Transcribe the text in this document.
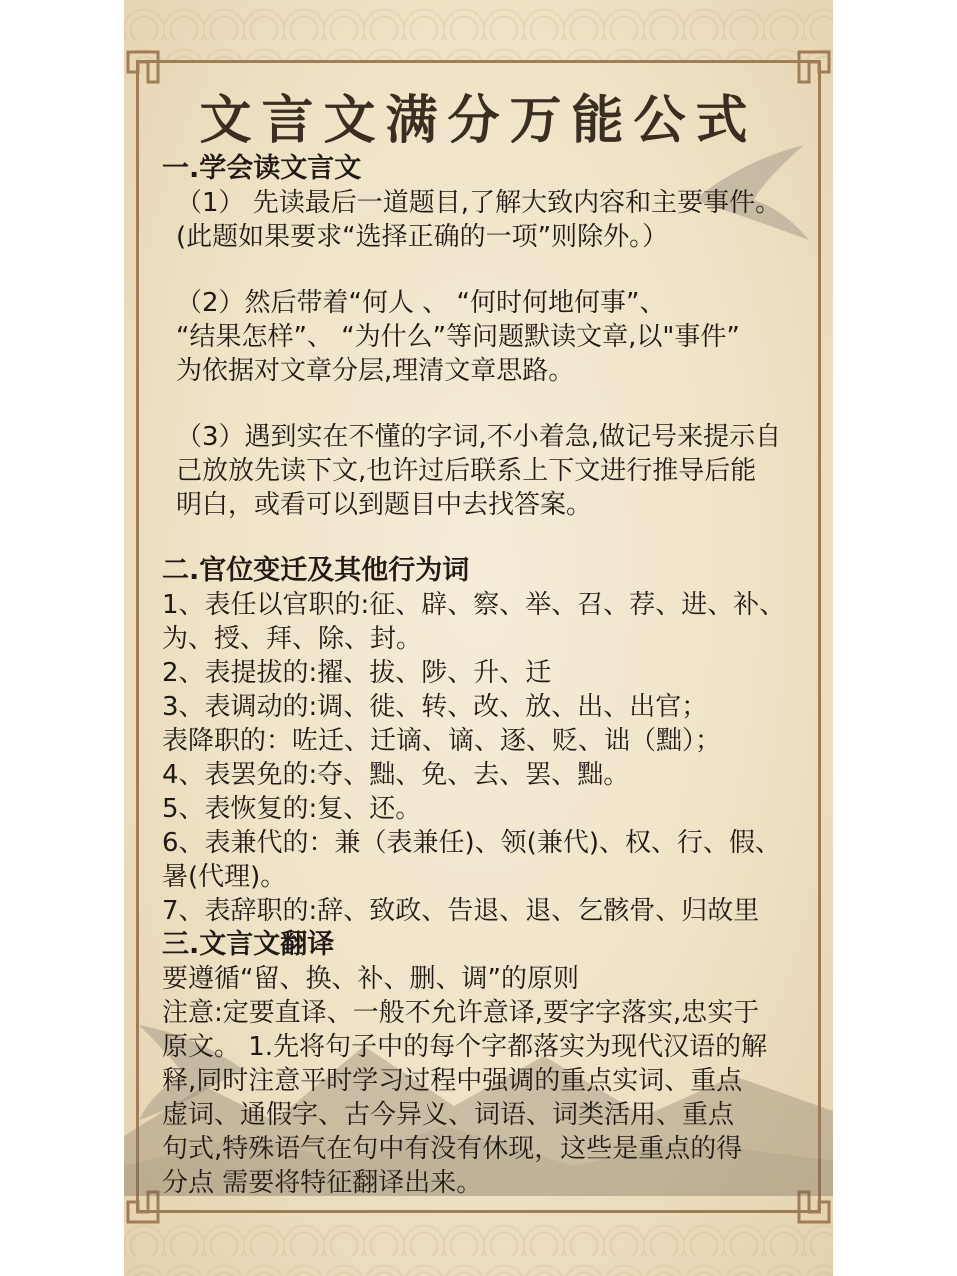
文言文满分万能公式

一.学会读文言文

（1） 先读最后一道题目,了解大致内容和主要事件。

(此题如果要求“选择正确的一项”则除外。）

（2）然后带着“何人 、 “何时何地何事”、

“结果怎样”、 “为什么”等问题默读文章,以"事件”

为依据对文章分层,理清文章思路。

（3）遇到实在不懂的字词,不小着急,做记号来提示自

己放放先读下文,也许过后联系上下文进行推导后能

明白，或看可以到题目中去找答案。

二.官位变迁及其他行为词

1、表任以官职的:征、辟、察、举、召、荐、进、补、

为、授、拜、除、封。

2、表提拔的:擢、拔、陟、升、迁

3、表调动的:调、徙、转、改、放、出、出官；

表降职的：咗迁、迁谪、谪、逐、贬、诎（黜）；

4、表罢免的:夺、黜、免、去、罢、黜。

5、表恢复的:复、还。

6、表兼代的：兼（表兼任)、领(兼代)、权、行、假、

暑(代理)。

7、表辞职的:辞、致政、告退、退、乞骸骨、归故里

三.文言文翻译

要遵循“留、换、补、删、调”的原则

注意:定要直译、一般不允许意译,要字字落实,忠实于

原文。 1.先将句子中的每个字都落实为现代汉语的解

释,同时注意平时学习过程中强调的重点实词、重点

虚词、通假字、古今异义、词语、词类活用、重点

句式,特殊语气在句中有没有休现，这些是重点的得

分点 需要将特征翻译出来。
